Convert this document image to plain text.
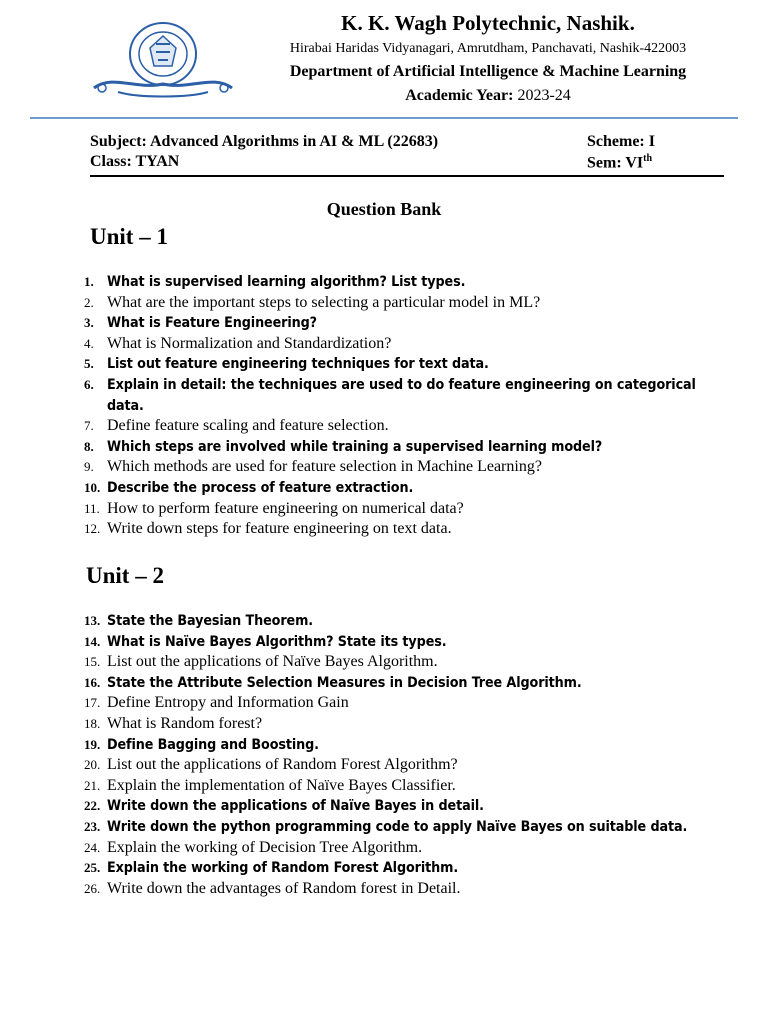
K. K. Wagh Polytechnic, Nashik.
Hirabai Haridas Vidyanagari, Amrutdham, Panchavati, Nashik-422003
Department of Artificial Intelligence & Machine Learning
Academic Year: 2023-24
Subject: Advanced Algorithms in AI & ML (22683)	Scheme: I
Class: TYAN	Sem: VIth
Question Bank
Unit – 1
1. What is supervised learning algorithm? List types.
2. What are the important steps to selecting a particular model in ML?
3. What is Feature Engineering?
4. What is Normalization and Standardization?
5. List out feature engineering techniques for text data.
6. Explain in detail: the techniques are used to do feature engineering on categorical data.
7. Define feature scaling and feature selection.
8. Which steps are involved while training a supervised learning model?
9. Which methods are used for feature selection in Machine Learning?
10. Describe the process of feature extraction.
11. How to perform feature engineering on numerical data?
12. Write down steps for feature engineering on text data.
Unit – 2
13. State the Bayesian Theorem.
14. What is Naïve Bayes Algorithm? State its types.
15. List out the applications of Naïve Bayes Algorithm.
16. State the Attribute Selection Measures in Decision Tree Algorithm.
17. Define Entropy and Information Gain
18. What is Random forest?
19. Define Bagging and Boosting.
20. List out the applications of Random Forest Algorithm?
21. Explain the implementation of Naïve Bayes Classifier.
22. Write down the applications of Naïve Bayes in detail.
23. Write down the python programming code to apply Naïve Bayes on suitable data.
24. Explain the working of Decision Tree Algorithm.
25. Explain the working of Random Forest Algorithm.
26. Write down the advantages of Random forest in Detail.
